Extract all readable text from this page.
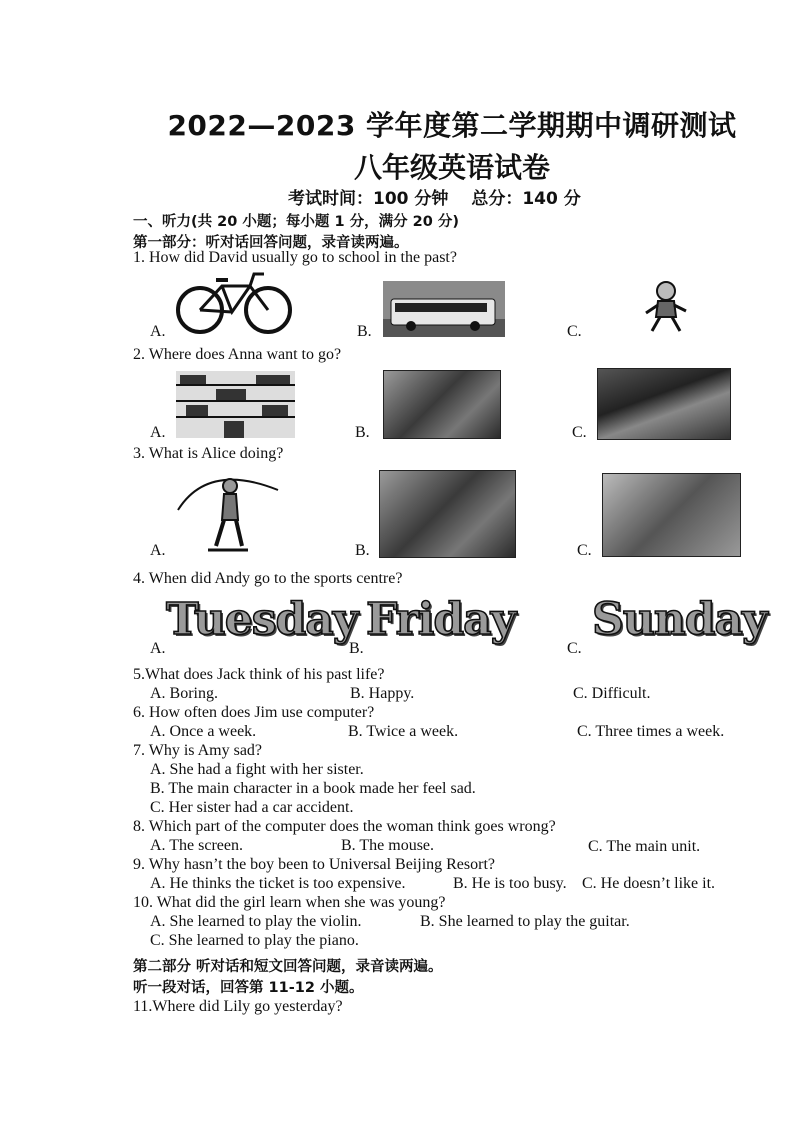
2022—2023 学年度第二学期期中调研测试
八年级英语试卷
考试时间：100 分钟　 总分：140 分
一、听力(共 20 小题；每小题 1 分，满分 20 分)
第一部分：听对话回答问题，录音读两遍。
1. How did David usually go to school in the past?
A.	B.	C.
2. Where does Anna want to go?
A.	B.	C.
3. What is Alice doing?
A.	B.	C.
4. When did Andy go to the sports centre?
A.
Tuesday
B.
Friday
C.
Sunday
5.What does Jack think of his past life?
A. Boring.	B. Happy.	C. Difficult.
6. How often does Jim use computer?
A. Once a week.	B. Twice a week.	C. Three times a week.
7. Why is Amy sad?
A. She had a fight with her sister.
B. The main character in a book made her feel sad.
C. Her sister had a car accident.
8. Which part of the computer does the woman think goes wrong?
A. The screen.	B. The mouse.	C. The main unit.
9. Why hasn’t the boy been to Universal Beijing Resort?
A. He thinks the ticket is too expensive.	B. He is too busy. C. He doesn’t like it.
10. What did the girl learn when she was young?
A. She learned to play the violin.	B. She learned to play the guitar.
C. She learned to play the piano.
第二部分 听对话和短文回答问题，录音读两遍。
听一段对话，回答第 11-12 小题。
11.Where did Lily go yesterday?
